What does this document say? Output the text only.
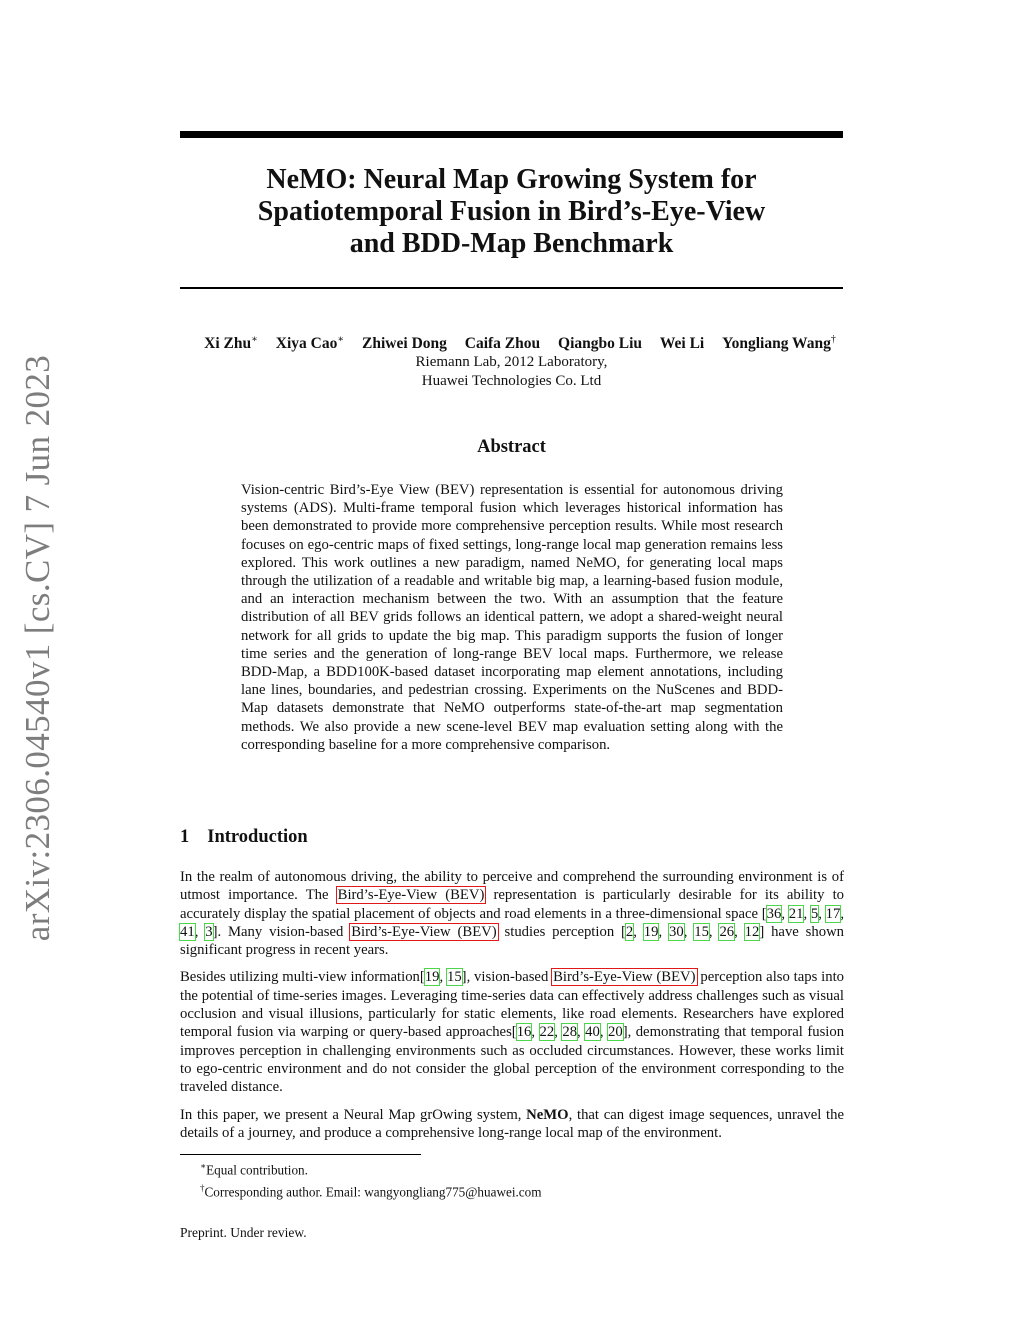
arXiv:2306.04540v1 [cs.CV] 7 Jun 2023
NeMO: Neural Map Growing System for
Spatiotemporal Fusion in Bird’s-Eye-View
and BDD-Map Benchmark
Xi Zhu∗ Xiya Cao∗ Zhiwei Dong Caifa Zhou Qiangbo Liu Wei Li Yongliang Wang†
Riemann Lab, 2012 Laboratory,
Huawei Technologies Co. Ltd
Abstract

Vision-centric Bird’s-Eye View (BEV) representation is essential for autonomous driving systems (ADS). Multi-frame temporal fusion which leverages historical information has been demonstrated to provide more comprehensive perception results. While most research focuses on ego-centric maps of fixed settings, long-range local map generation remains less explored. This work outlines a new paradigm, named NeMO, for generating local maps through the utilization of a readable and writable big map, a learning-based fusion module, and an interaction mechanism between the two. With an assumption that the feature distribution of all BEV grids follows an identical pattern, we adopt a shared-weight neural network for all grids to update the big map. This paradigm supports the fusion of longer time series and the generation of long-range BEV local maps. Furthermore, we release BDD-Map, a BDD100K-based dataset incorporating map element annotations, including lane lines, boundaries, and pedestrian crossing. Experiments on the NuScenes and BDD-Map datasets demonstrate that NeMO outperforms state-of-the-art map segmentation methods. We also provide a new scene-level BEV map evaluation setting along with the corresponding baseline for a more comprehensive comparison.

1 Introduction

In the realm of autonomous driving, the ability to perceive and comprehend the surrounding environment is of utmost importance. The Bird’s-Eye-View (BEV) representation is particularly desirable for its ability to accurately display the spatial placement of objects and road elements in a three-dimensional space [36, 21, 5, 17, 41, 3]. Many vision-based Bird’s-Eye-View (BEV) studies perception [2, 19, 30, 15, 26, 12] have shown significant progress in recent years.

Besides utilizing multi-view information[19, 15], vision-based Bird’s-Eye-View (BEV) perception also taps into the potential of time-series images. Leveraging time-series data can effectively address challenges such as visual occlusion and visual illusions, particularly for static elements, like road elements. Researchers have explored temporal fusion via warping or query-based approaches[16, 22, 28, 40, 20], demonstrating that temporal fusion improves perception in challenging environments such as occluded circumstances. However, these works limit to ego-centric environment and do not consider the global perception of the environment corresponding to the traveled distance.

In this paper, we present a Neural Map grOwing system, NeMO, that can digest image sequences, unravel the details of a journey, and produce a comprehensive long-range local map of the environment.

∗Equal contribution.
†Corresponding author. Email: wangyongliang775@huawei.com
Preprint. Under review.
